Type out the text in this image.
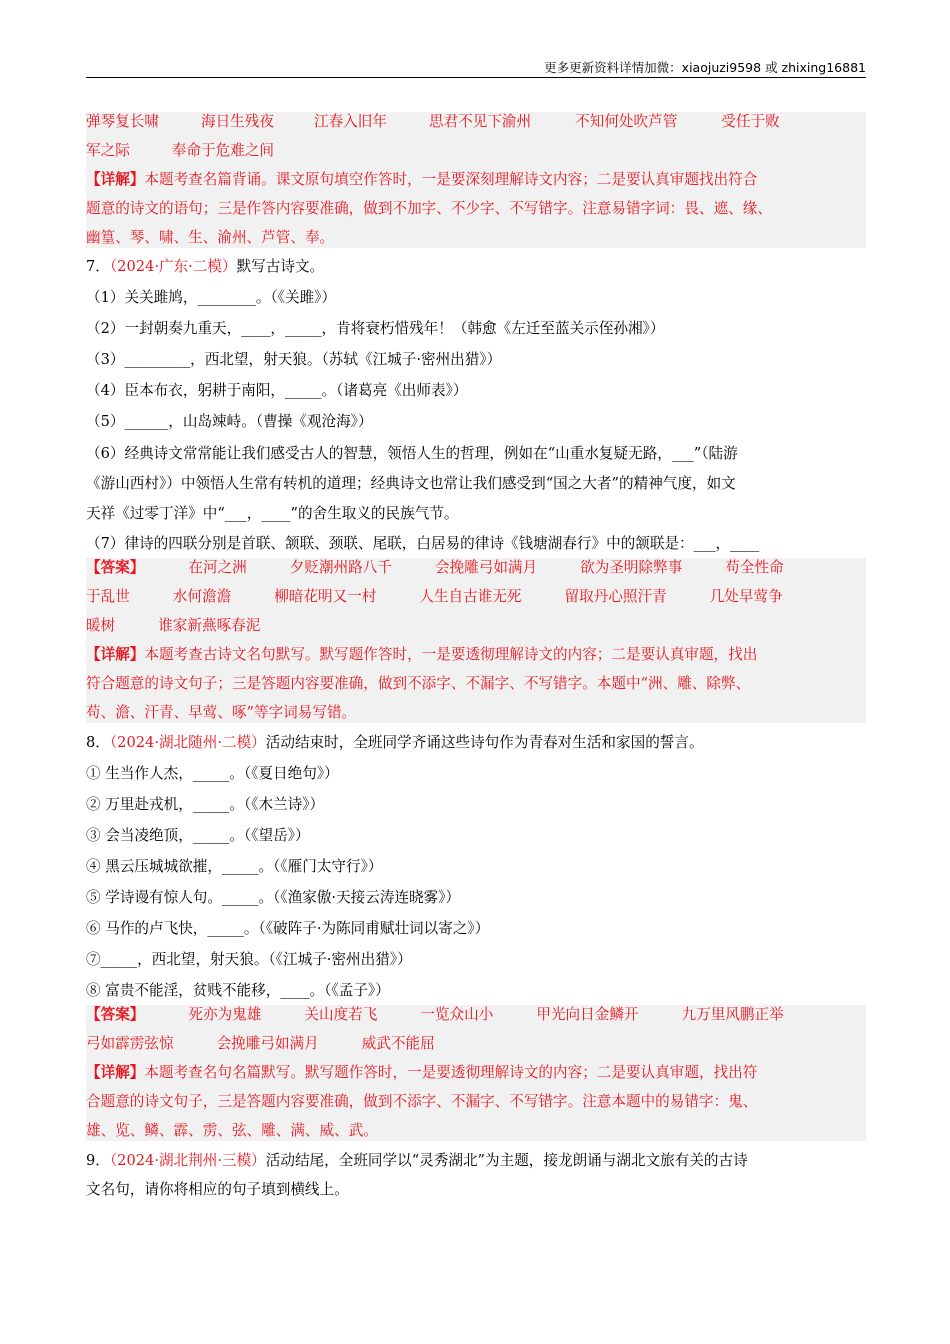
更多更新资料详情加微：xiaojuzi9598 或 zhixing16881
弹琴复长啸	海日生残夜	江春入旧年	思君不见下渝州	不知何处吹芦管	受任于败
军之际	奉命于危难之间
【详解】本题考查名篇背诵。课文原句填空作答时，一是要深刻理解诗文内容；二是要认真审题找出符合
题意的诗文的语句；三是作答内容要准确，做到不加字、不少字、不写错字。注意易错字词：畏、遮、缘、
幽篁、琴、啸、生、渝州、芦管、奉。
7．（2024·广东·二模）默写古诗文。
（1）关关雎鸠，________。（《关雎》）
（2）一封朝奏九重天，____，_____，肯将衰朽惜残年！（韩愈《左迁至蓝关示侄孙湘》）
（3）_________，西北望，射天狼。（苏轼《江城子·密州出猎》）
（4）臣本布衣，躬耕于南阳，_____。（诸葛亮《出师表》）
（5）______，山岛竦峙。（曹操《观沧海》）
（6）经典诗文常常能让我们感受古人的智慧，领悟人生的哲理，例如在“山重水复疑无路，___”（陆游
《游山西村》）中领悟人生常有转机的道理；经典诗文也常让我们感受到“国之大者”的精神气度，如文
天祥《过零丁洋》中“___，____”的舍生取义的民族气节。
（7）律诗的四联分别是首联、颔联、颈联、尾联，白居易的律诗《钱塘湖春行》中的颔联是：___，____
【答案】	在河之洲	夕贬潮州路八千	会挽雕弓如满月	欲为圣明除弊事	苟全性命
于乱世	水何澹澹	柳暗花明又一村	人生自古谁无死	留取丹心照汗青	几处早莺争
暖树	谁家新燕啄春泥
【详解】本题考查古诗文名句默写。默写题作答时，一是要透彻理解诗文的内容；二是要认真审题，找出
符合题意的诗文句子；三是答题内容要准确，做到不添字、不漏字、不写错字。本题中“洲、雕、除弊、
苟、澹、汗青、早莺、啄”等字词易写错。
8．（2024·湖北随州·二模）活动结束时，全班同学齐诵这些诗句作为青春对生活和家国的誓言。
① 生当作人杰，_____。（《夏日绝句》）
② 万里赴戎机，_____。（《木兰诗》）
③ 会当凌绝顶，_____。（《望岳》）
④ 黑云压城城欲摧，_____。（《雁门太守行》）
⑤ 学诗谩有惊人句。_____。（《渔家傲·天接云涛连晓雾》）
⑥ 马作的卢飞快，_____。（《破阵子·为陈同甫赋壮词以寄之》）
⑦_____，西北望，射天狼。（《江城子·密州出猎》）
⑧ 富贵不能淫，贫贱不能移，____。（《孟子》）
【答案】	死亦为鬼雄	关山度若飞	一览众山小	甲光向日金鳞开	九万里风鹏正举
弓如霹雳弦惊	会挽雕弓如满月	威武不能屈
【详解】本题考查名句名篇默写。默写题作答时，一是要透彻理解诗文的内容；二是要认真审题，找出符
合题意的诗文句子，三是答题内容要准确，做到不添字、不漏字、不写错字。注意本题中的易错字：鬼、
雄、览、鳞、霹、雳、弦、雕、满、威、武。
9．（2024·湖北荆州·三模）活动结尾，全班同学以“灵秀湖北”为主题，接龙朗诵与湖北文旅有关的古诗
文名句，请你将相应的句子填到横线上。
